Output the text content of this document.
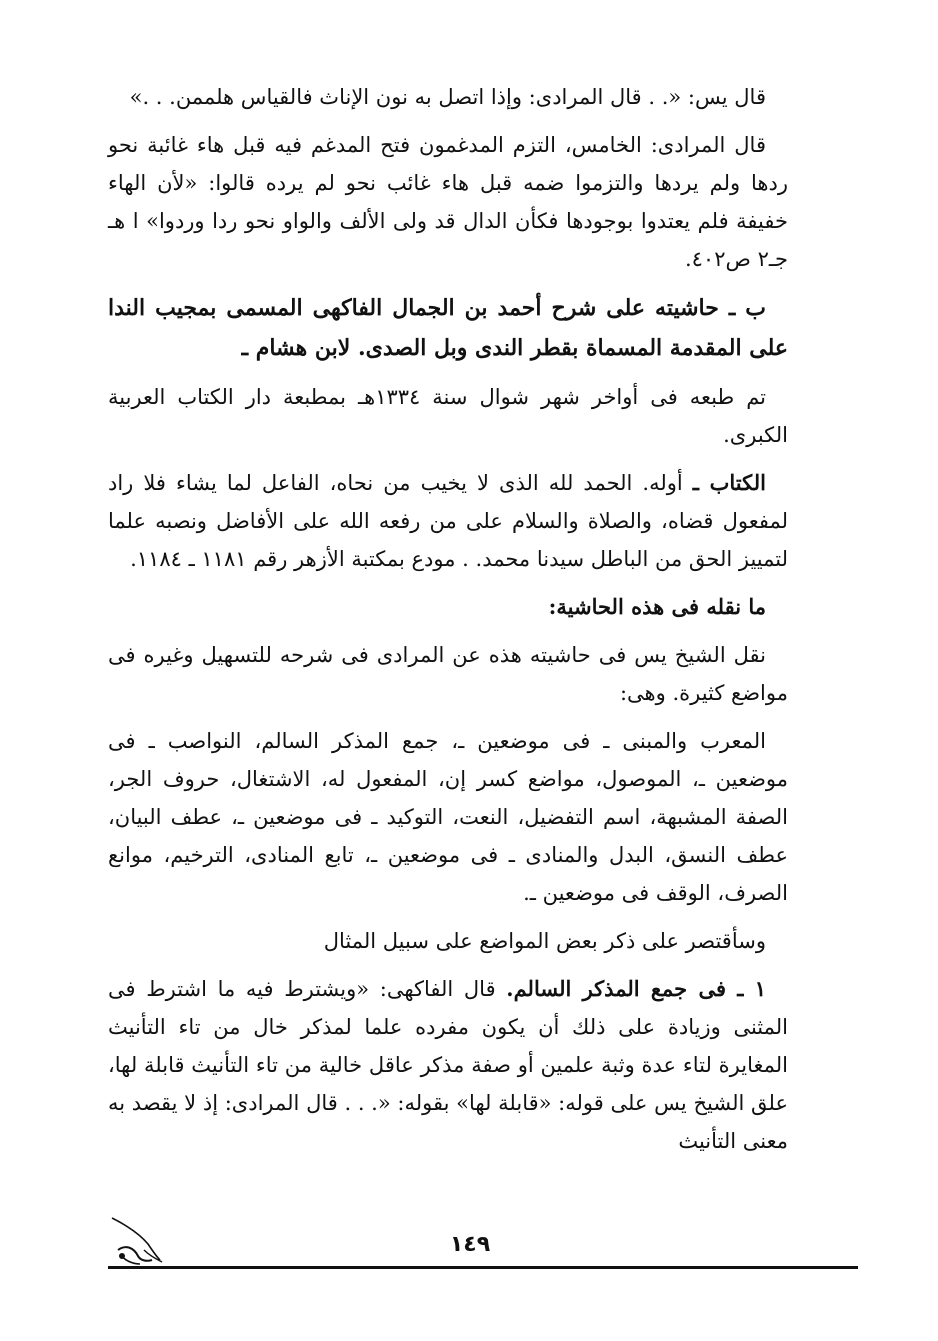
قال يس: «. . قال المرادى: وإذا اتصل به نون الإناث فالقياس هلممن. . .»

قال المرادى: الخامس، التزم المدغمون فتح المدغم فيه قبل هاء غائبة نحو ردها ولم يردها والتزموا ضمه قبل هاء غائب نحو لم يرده قالوا: «لأن الهاء خفيفة فلم يعتدوا بوجودها فكأن الدال قد ولى الألف والواو نحو ردا وردوا» ا هـ جـ٢ ص٤٠٢.

ب ـ حاشيته على شرح أحمد بن الجمال الفاكهى المسمى بمجيب الندا على المقدمة المسماة بقطر الندى وبل الصدى. لابن هشام ـ

تم طبعه فى أواخر شهر شوال سنة ١٣٣٤هـ بمطبعة دار الكتاب العربية الكبرى.

الكتاب ـ أوله. الحمد لله الذى لا يخيب من نحاه، الفاعل لما يشاء فلا راد لمفعول قضاه، والصلاة والسلام على من رفعه الله على الأفاضل ونصبه علما لتمييز الحق من الباطل سيدنا محمد. . مودع بمكتبة الأزهر رقم ١١٨١ ـ ١١٨٤.

ما نقله فى هذه الحاشية:

نقل الشيخ يس فى حاشيته هذه عن المرادى فى شرحه للتسهيل وغيره فى مواضع كثيرة. وهى:

المعرب والمبنى ـ فى موضعين ـ، جمع المذكر السالم، النواصب ـ فى موضعين ـ، الموصول، مواضع كسر إن، المفعول له، الاشتغال، حروف الجر، الصفة المشبهة، اسم التفضيل، النعت، التوكيد ـ فى موضعين ـ، عطف البيان، عطف النسق، البدل والمنادى ـ فى موضعين ـ، تابع المنادى، الترخيم، موانع الصرف، الوقف فى موضعين ـ.

وسأقتصر على ذكر بعض المواضع على سبيل المثال

١ ـ فى جمع المذكر السالم. قال الفاكهى: «ويشترط فيه ما اشترط فى المثنى وزيادة على ذلك أن يكون مفرده علما لمذكر خال من تاء التأنيث المغايرة لتاء عدة وثبة علمين أو صفة مذكر عاقل خالية من تاء التأنيث قابلة لها، علق الشيخ يس على قوله: «قابلة لها» بقوله: «. . . قال المرادى: إذ لا يقصد به معنى التأنيث

١٤٩
